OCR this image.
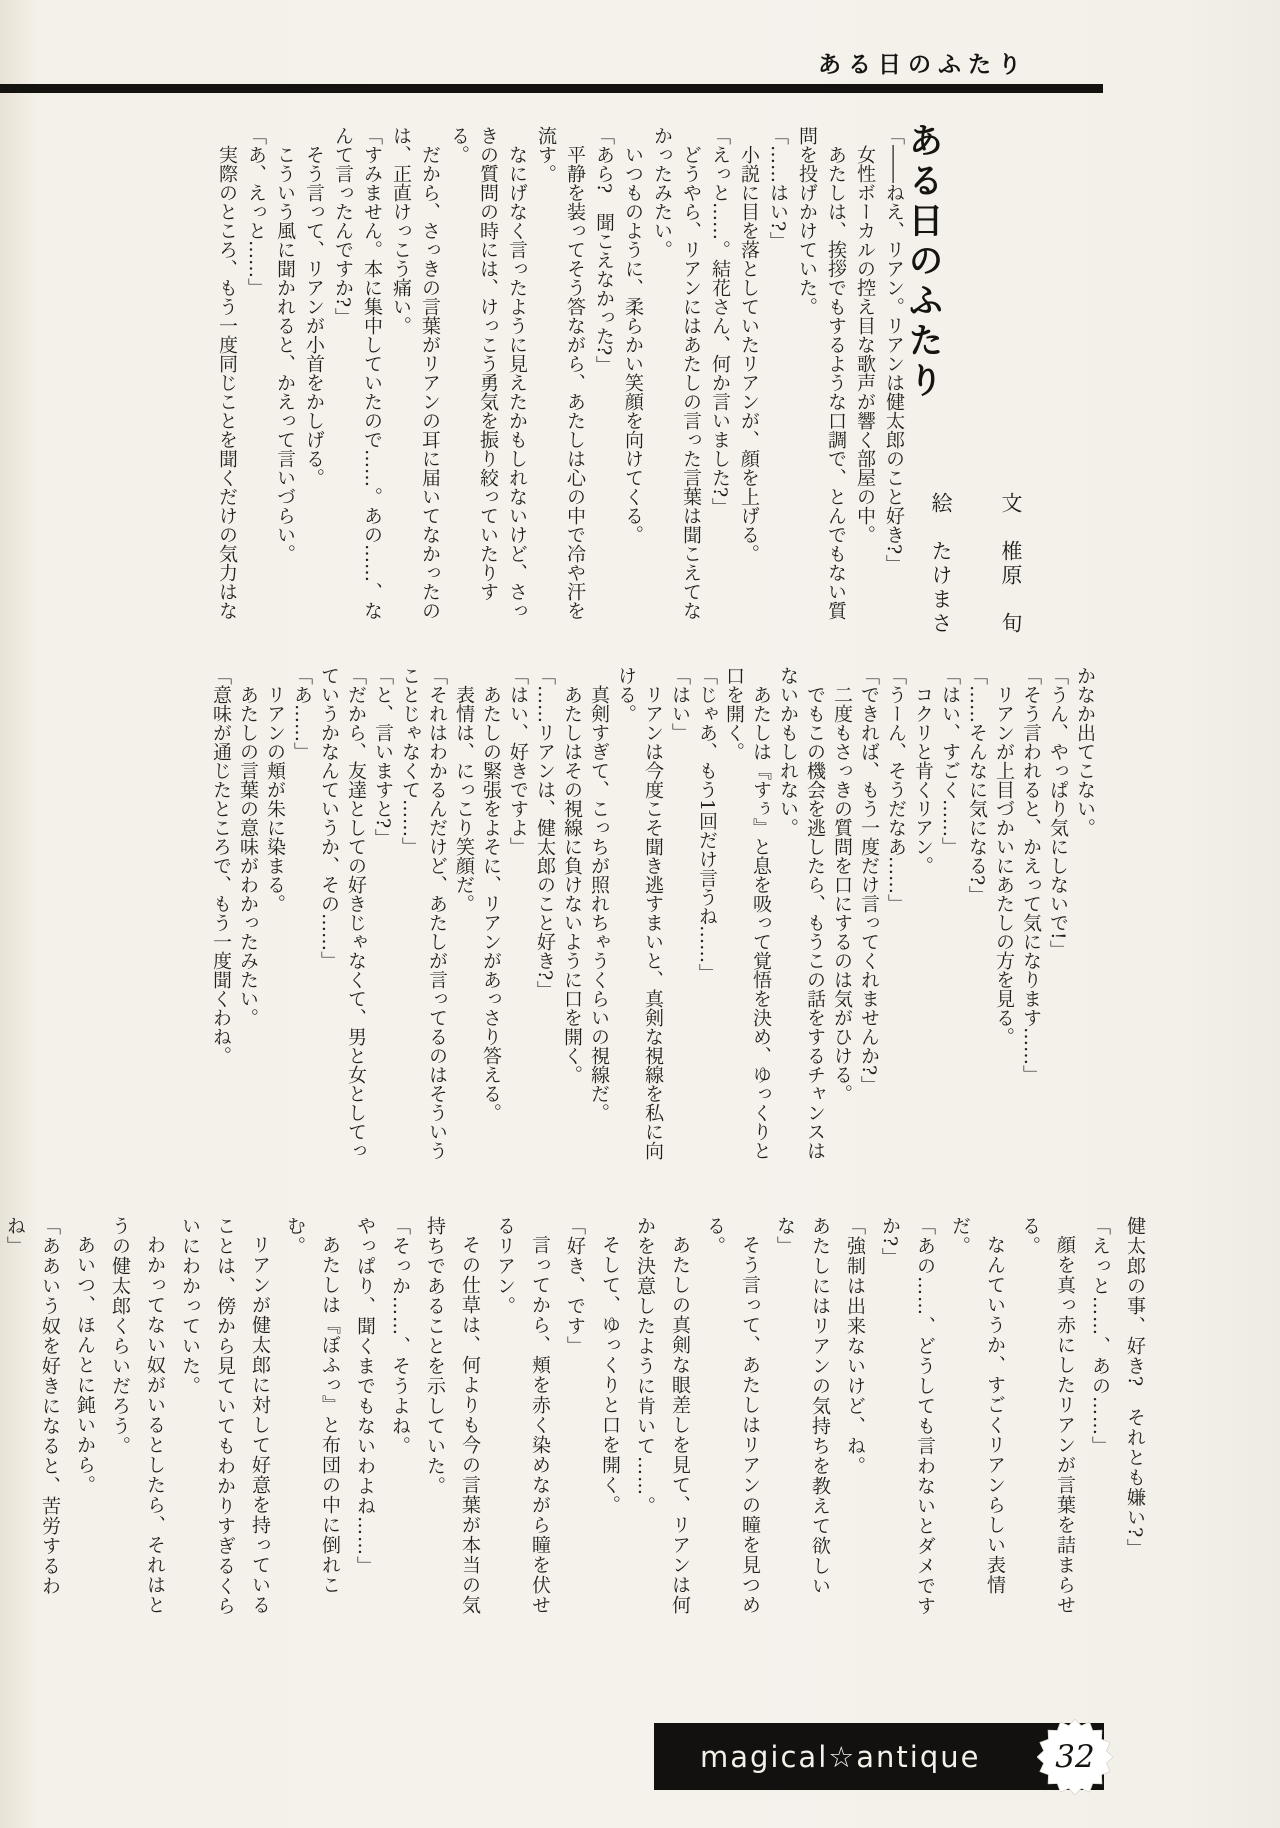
ある日のふたり
ある日のふたり
文　椎原　旬
絵　たけまさ

「――ねえ、リアン。リアンは健太郎のこと好き?」

女性ボーカルの控え目な歌声が響く部屋の中。

あたしは、挨拶でもするような口調で、とんでもない質問を投げかけていた。

「……はい?」

小説に目を落としていたリアンが、顔を上げる。

「えっと……。結花さん、何か言いました?」

どうやら、リアンにはあたしの言った言葉は聞こえてなかったみたい。

いつものように、柔らかい笑顔を向けてくる。

「あら?　聞こえなかった?」

平静を装ってそう答ながら、あたしは心の中で冷や汗を流す。

なにげなく言ったように見えたかもしれないけど、さっきの質問の時には、けっこう勇気を振り絞っていたりする。

だから、さっきの言葉がリアンの耳に届いてなかったのは、正直けっこう痛い。

「すみません。本に集中していたので……。あの……、なんて言ったんですか?」

そう言って、リアンが小首をかしげる。

こういう風に聞かれると、かえって言いづらい。

「あ、えっと……」

実際のところ、もう一度同じことを聞くだけの気力はな

かなか出てこない。

「うん、やっぱり気にしないで!」

「そう言われると、かえって気になります……」

リアンが上目づかいにあたしの方を見る。

「……そんなに気になる?」

「はい、すごく……」

コクリと肯くリアン。

「うーん、そうだなあ……」

「できれば、もう一度だけ言ってくれませんか?」

二度もさっきの質問を口にするのは気がひける。

でもこの機会を逃したら、もうこの話をするチャンスはないかもしれない。

あたしは『すぅ』と息を吸って覚悟を決め、ゆっくりと口を開く。

「じゃあ、もう1回だけ言うね……」

「はい」

リアンは今度こそ聞き逃すまいと、真剣な視線を私に向ける。

真剣すぎて、こっちが照れちゃうくらいの視線だ。

あたしはその視線に負けないように口を開く。

「……リアンは、健太郎のこと好き?」

「はい、好きですよ」

あたしの緊張をよそに、リアンがあっさり答える。

表情は、にっこり笑顔だ。

「それはわかるんだけど、あたしが言ってるのはそういうことじゃなくて……」

「と、言いますと?」

「だから、友達としての好きじゃなくて、男と女としてっていうかなんていうか、その……」

「あ……」

リアンの頬が朱に染まる。

あたしの言葉の意味がわかったみたい。

「意味が通じたところで、もう一度聞くわね。

健太郎の事、好き?　それとも嫌い?」

「えっと……、あの……」

顔を真っ赤にしたリアンが言葉を詰まらせる。

なんていうか、すごくリアンらしい表情だ。

「あの……、どうしても言わないとダメですか?」

「強制は出来ないけど、ね。

あたしにはリアンの気持ちを教えて欲しいな」

そう言って、あたしはリアンの瞳を見つめる。

あたしの真剣な眼差しを見て、リアンは何かを決意したように肯いて……。

そして、ゆっくりと口を開く。

「好き、です」

言ってから、頬を赤く染めながら瞳を伏せるリアン。

その仕草は、何よりも今の言葉が本当の気持ちであることを示していた。

「そっか……、そうよね。

やっぱり、聞くまでもないわよね……」

あたしは『ぼふっ』と布団の中に倒れこむ。

リアンが健太郎に対して好意を持っていることは、傍から見ていてもわかりすぎるくらいにわかっていた。

わかってない奴がいるとしたら、それはとうの健太郎くらいだろう。

あいつ、ほんとに鈍いから。

「ああいう奴を好きになると、苦労するわね」

magical☆antique	32
